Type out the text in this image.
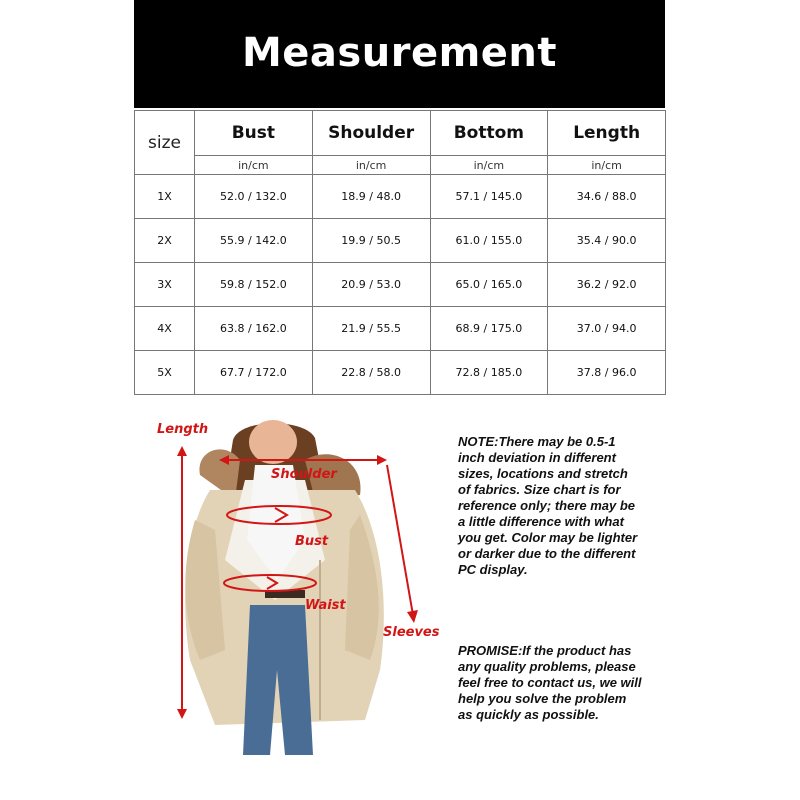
Measurement
size	Bust	Shoulder	Bottom	Length
	in/cm	in/cm	in/cm	in/cm
1X	52.0 / 132.0	18.9 / 48.0	57.1 / 145.0	34.6 / 88.0
2X	55.9 / 142.0	19.9 / 50.5	61.0 / 155.0	35.4 / 90.0
3X	59.8 / 152.0	20.9 / 53.0	65.0 / 165.0	36.2 / 92.0
4X	63.8 / 162.0	21.9 / 55.5	68.9 / 175.0	37.0 / 94.0
5X	67.7 / 172.0	22.8 / 58.0	72.8 / 185.0	37.8 / 96.0
Length
Shoulder
Bust
Waist
Sleeves
NOTE:There may be 0.5-1 inch deviation in different sizes, locations and stretch of fabrics. Size chart is for reference only; there may be a little difference with what you get. Color may be lighter or darker due to the different PC display.
PROMISE:If the product has any quality problems, please feel free to contact us, we will help you solve the problem as quickly as possible.
